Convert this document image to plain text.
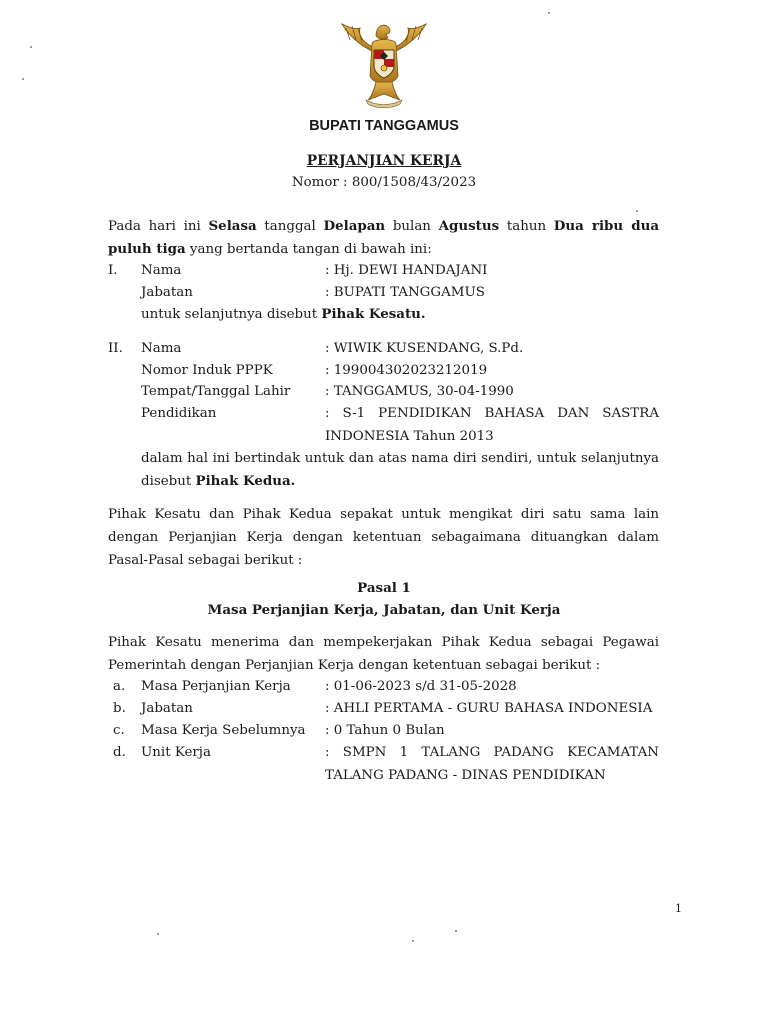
BUPATI TANGGAMUS
PERJANJIAN KERJA
Nomor : 800/1508/43/2023
Pada hari ini Selasa tanggal Delapan bulan Agustus tahun Dua ribu dua puluh tiga yang bertanda tangan di bawah ini:
I. Nama	: Hj. DEWI HANDAJANI
Jabatan	: BUPATI TANGGAMUS
untuk selanjutnya disebut Pihak Kesatu.
II. Nama	: WIWIK KUSENDANG, S.Pd.
Nomor Induk PPPK	: 199004302023212019
Tempat/Tanggal Lahir	: TANGGAMUS, 30-04-1990
Pendidikan	: S-1 PENDIDIKAN BAHASA DAN SASTRA INDONESIA Tahun 2013
dalam hal ini bertindak untuk dan atas nama diri sendiri, untuk selanjutnya disebut Pihak Kedua.
Pihak Kesatu dan Pihak Kedua sepakat untuk mengikat diri satu sama lain dengan Perjanjian Kerja dengan ketentuan sebagaimana dituangkan dalam Pasal-Pasal sebagai berikut :
Pasal 1
Masa Perjanjian Kerja, Jabatan, dan Unit Kerja
Pihak Kesatu menerima dan mempekerjakan Pihak Kedua sebagai Pegawai Pemerintah dengan Perjanjian Kerja dengan ketentuan sebagai berikut :
a. Masa Perjanjian Kerja	: 01-06-2023 s/d 31-05-2028
b. Jabatan	: AHLI PERTAMA - GURU BAHASA INDONESIA
c. Masa Kerja Sebelumnya : 0 Tahun 0 Bulan
d. Unit Kerja	: SMPN 1 TALANG PADANG KECAMATAN TALANG PADANG - DINAS PENDIDIKAN
1
